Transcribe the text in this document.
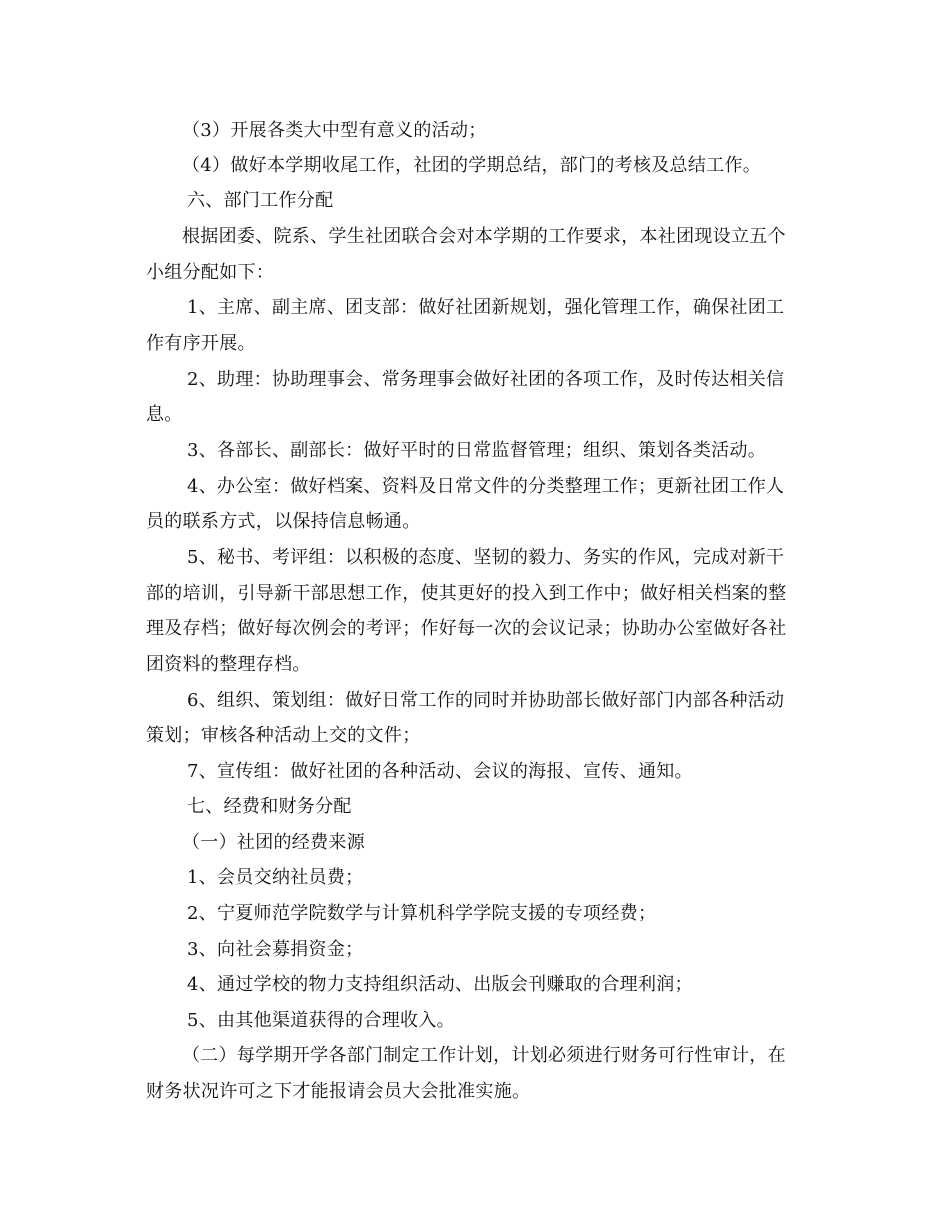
（3）开展各类大中型有意义的活动；

（4）做好本学期收尾工作，社团的学期总结，部门的考核及总结工作。

六、部门工作分配

根据团委、院系、学生社团联合会对本学期的工作要求，本社团现设立五个

小组分配如下：

1、主席、副主席、团支部：做好社团新规划，强化管理工作，确保社团工

作有序开展。

2、助理：协助理事会、常务理事会做好社团的各项工作，及时传达相关信

息。

3、各部长、副部长：做好平时的日常监督管理；组织、策划各类活动。

4、办公室：做好档案、资料及日常文件的分类整理工作；更新社团工作人

员的联系方式，以保持信息畅通。

5、秘书、考评组：以积极的态度、坚韧的毅力、务实的作风，完成对新干

部的培训，引导新干部思想工作，使其更好的投入到工作中；做好相关档案的整

理及存档；做好每次例会的考评；作好每一次的会议记录；协助办公室做好各社

团资料的整理存档。

6、组织、策划组：做好日常工作的同时并协助部长做好部门内部各种活动

策划；审核各种活动上交的文件；

7、宣传组：做好社团的各种活动、会议的海报、宣传、通知。

七、经费和财务分配

（一）社团的经费来源

1、会员交纳社员费；

2、宁夏师范学院数学与计算机科学学院支援的专项经费；

3、向社会募捐资金；

4、通过学校的物力支持组织活动、出版会刊赚取的合理利润；

5、由其他渠道获得的合理收入。

（二）每学期开学各部门制定工作计划，计划必须进行财务可行性审计，在

财务状况许可之下才能报请会员大会批准实施。
